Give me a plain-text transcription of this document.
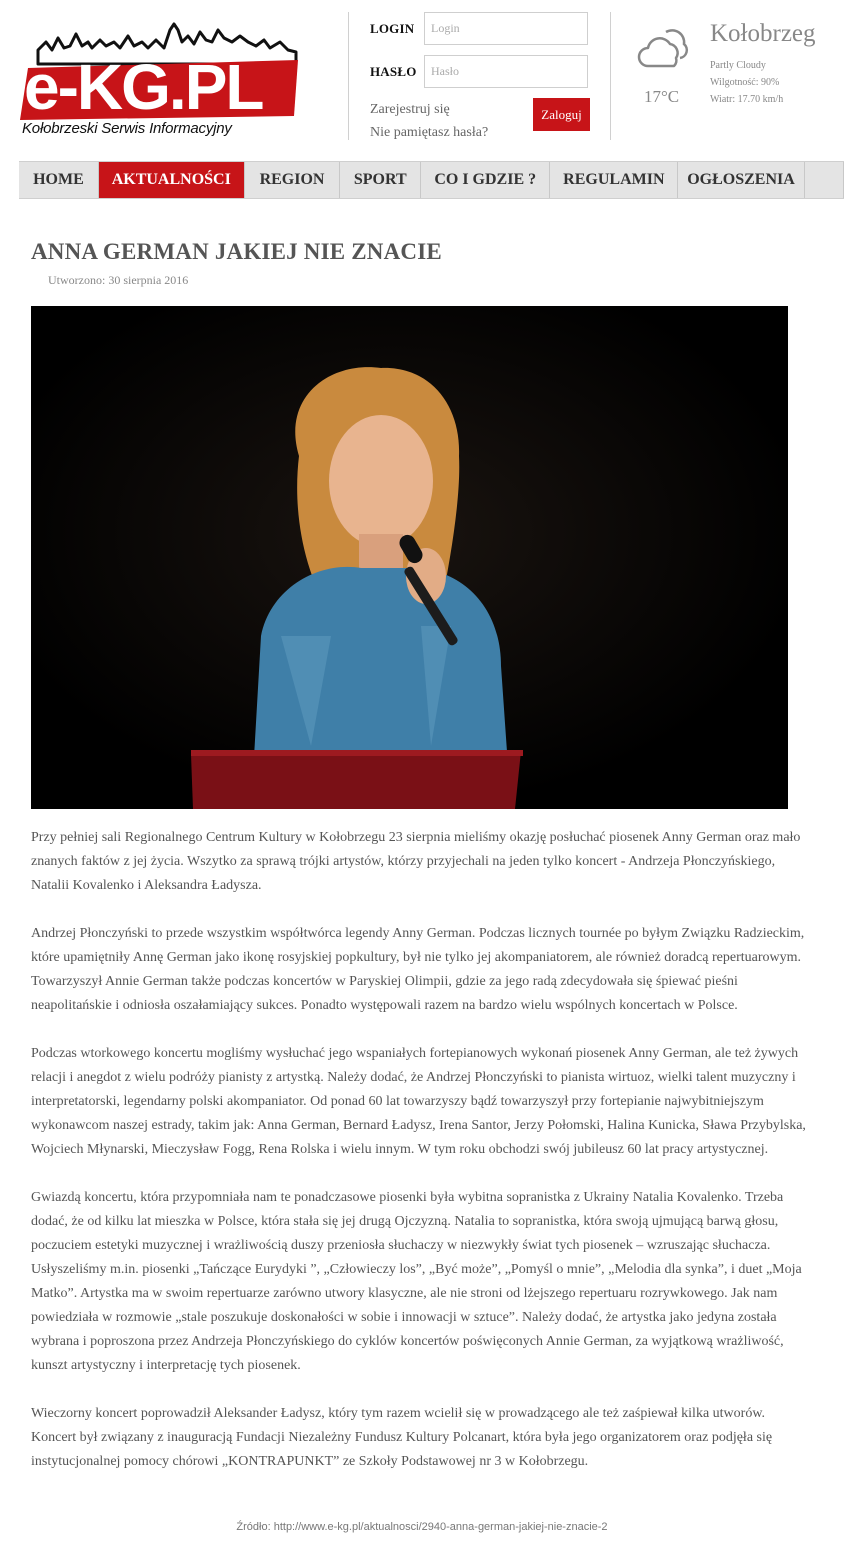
e-KG.PL
Kołobrzeski Serwis Informacyjny
LOGIN
Login
HASŁO
Zarejestruj się
Nie pamiętasz hasła?
Zaloguj
17°C
Kołobrzeg
Partly Cloudy
Wilgotność: 90%
Wiatr: 17.70 km/h
HOME	AKTUALNOŚCI	REGION	SPORT	CO I GDZIE ?	REGULAMIN	OGŁOSZENIA
ANNA GERMAN JAKIEJ NIE ZNACIE
Utworzono: 30 sierpnia 2016

Przy pełniej sali Regionalnego Centrum Kultury w Kołobrzegu 23 sierpnia mieliśmy okazję posłuchać piosenek Anny German oraz mało znanych faktów z jej życia. Wszytko za sprawą trójki artystów, którzy przyjechali na jeden tylko koncert - Andrzeja Płonczyńskiego, Natalii Kovalenko i Aleksandra Ładysza.

Andrzej Płonczyński to przede wszystkim współtwórca legendy Anny German. Podczas licznych tournée po byłym Związku Radzieckim, które upamiętniły Annę German jako ikonę rosyjskiej popkultury, był nie tylko jej akompaniatorem, ale również doradcą repertuarowym. Towarzyszył Annie German także podczas koncertów w Paryskiej Olimpii, gdzie za jego radą zdecydowała się śpiewać pieśni neapolitańskie i odniosła oszałamiający sukces. Ponadto występowali razem na bardzo wielu wspólnych koncertach w Polsce.

Podczas wtorkowego koncertu mogliśmy wysłuchać jego wspaniałych fortepianowych wykonań piosenek Anny German, ale też żywych relacji i anegdot z wielu podróży pianisty z artystką. Należy dodać, że Andrzej Płonczyński to pianista wirtuoz, wielki talent muzyczny i interpretatorski, legendarny polski akompaniator. Od ponad 60 lat towarzyszy bądź towarzyszył przy fortepianie najwybitniejszym wykonawcom naszej estrady, takim jak: Anna German, Bernard Ładysz, Irena Santor, Jerzy Połomski, Halina Kunicka, Sława Przybylska, Wojciech Młynarski, Mieczysław Fogg, Rena Rolska i wielu innym. W tym roku obchodzi swój jubileusz 60 lat pracy artystycznej.

Gwiazdą koncertu, która przypomniała nam te ponadczasowe piosenki była wybitna sopranistka z Ukrainy Natalia Kovalenko. Trzeba dodać, że od kilku lat mieszka w Polsce, która stała się jej drugą Ojczyzną. Natalia to sopranistka, która swoją ujmującą barwą głosu, poczuciem estetyki muzycznej i wrażliwością duszy przeniosła słuchaczy w niezwykły świat tych piosenek – wzruszając słuchacza. Usłyszeliśmy m.in. piosenki „Tańczące Eurydyki ”, „Człowieczy los”, „Być może”, „Pomyśl o mnie”, „Melodia dla synka”, i duet „Moja Matko”. Artystka ma w swoim repertuarze zarówno utwory klasyczne, ale nie stroni od lżejszego repertuaru rozrywkowego. Jak nam powiedziała w rozmowie „stale poszukuje doskonałości w sobie i innowacji w sztuce”. Należy dodać, że artystka jako jedyna została wybrana i poproszona przez Andrzeja Płonczyńskiego do cyklów koncertów poświęconych Annie German, za wyjątkową wrażliwość, kunszt artystyczny i interpretację tych piosenek.

Wieczorny koncert poprowadził Aleksander Ładysz, który tym razem wcielił się w prowadzącego ale też zaśpiewał kilka utworów. Koncert był związany z inauguracją Fundacji Niezależny Fundusz Kultury Polcanart, która była jego organizatorem oraz podjęła się instytucjonalnej pomocy chórowi „KONTRAPUNKT” ze Szkoły Podstawowej nr 3 w Kołobrzegu.

Źródło: http://www.e-kg.pl/aktualnosci/2940-anna-german-jakiej-nie-znacie-2
